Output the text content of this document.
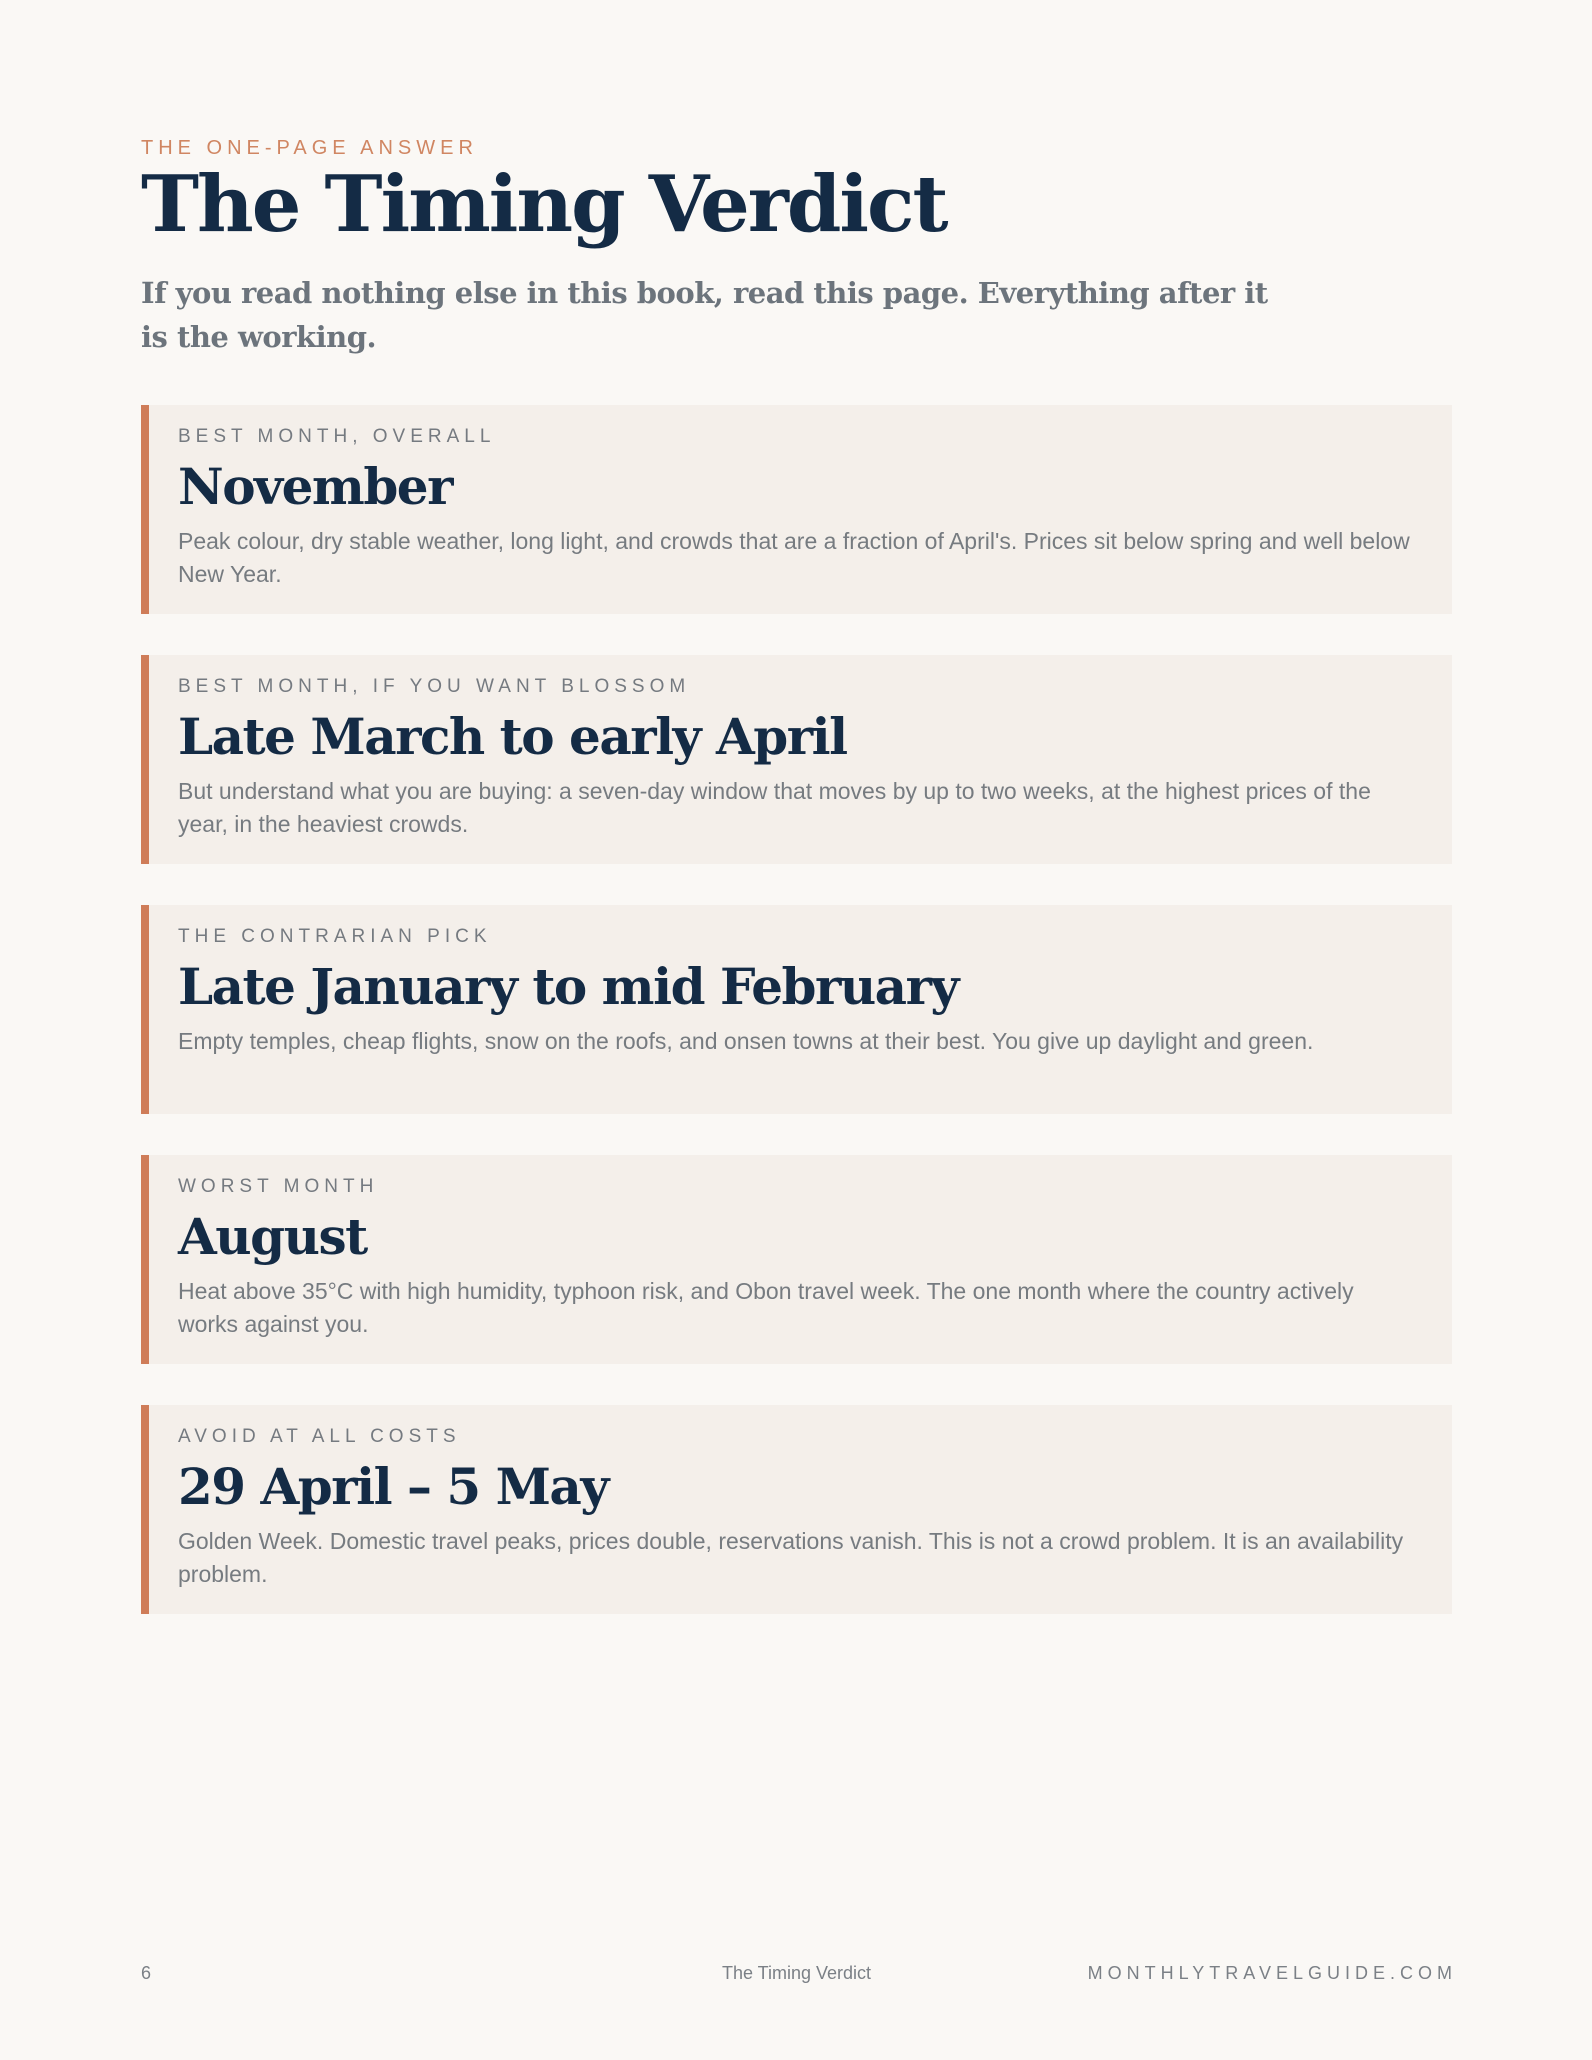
THE ONE-PAGE ANSWER
The Timing Verdict

If you read nothing else in this book, read this page. Everything after it is the working.

BEST MONTH, OVERALL
November

Peak colour, dry stable weather, long light, and crowds that are a fraction of April's. Prices sit below spring and well below New Year.

BEST MONTH, IF YOU WANT BLOSSOM
Late March to early April

But understand what you are buying: a seven-day window that moves by up to two weeks, at the highest prices of the year, in the heaviest crowds.

THE CONTRARIAN PICK
Late January to mid February

Empty temples, cheap flights, snow on the roofs, and onsen towns at their best. You give up daylight and green.

WORST MONTH
August

Heat above 35°C with high humidity, typhoon risk, and Obon travel week. The one month where the country actively works against you.

AVOID AT ALL COSTS
29 April – 5 May

Golden Week. Domestic travel peaks, prices double, reservations vanish. This is not a crowd problem. It is an availability problem.

6	The Timing Verdict	MONTHLYTRAVELGUIDE.COM
